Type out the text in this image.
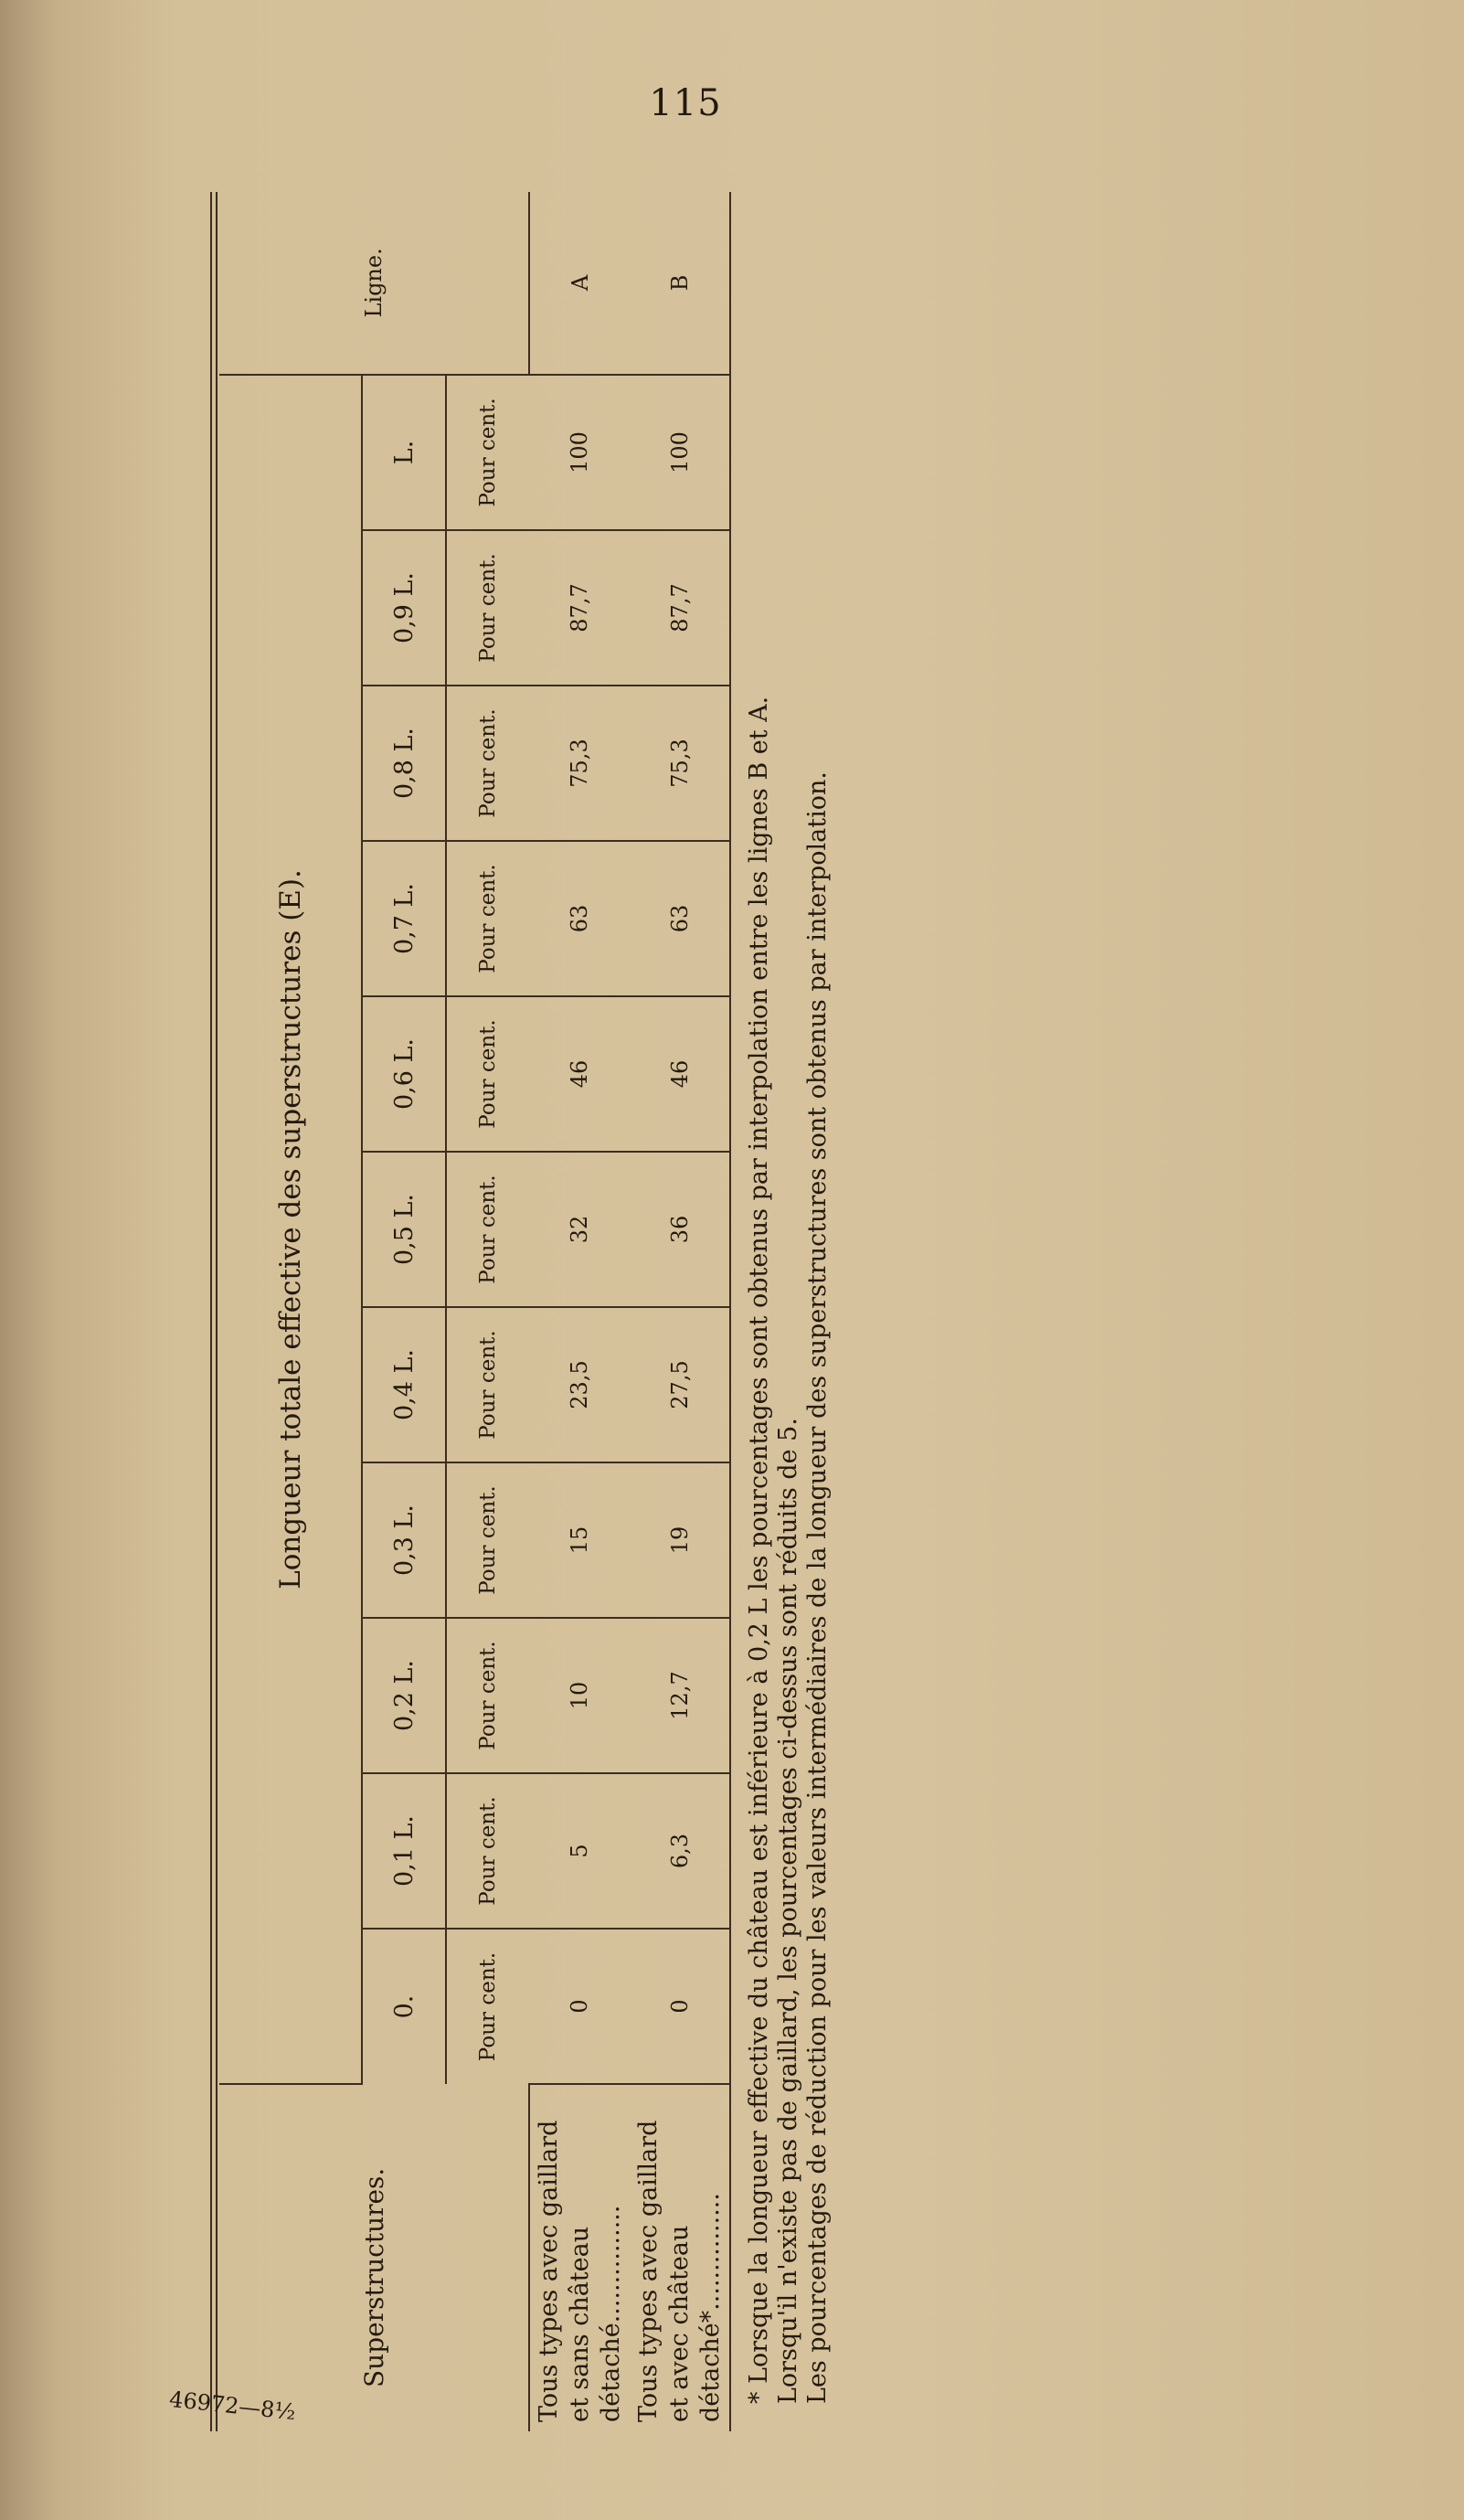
115
Superstructures.	Longueur totale effective des superstructures (E).											Ligne.
	0.	0,1 L.	0,2 L.	0,3 L.	0,4 L.	0,5 L.	0,6 L.	0,7 L.	0,8 L.	0,9 L.	L.	
	Pour cent.	Pour cent.	Pour cent.	Pour cent.	Pour cent.	Pour cent.	Pour cent.	Pour cent.	Pour cent.	Pour cent.	Pour cent.	

Tous types avec gaillard et sans château détaché...............	0	5	10	15	23,5	32	46	63	75,3	87,7	100	A

Tous types avec gaillard et avec château détaché*...............	0	6,3	12,7	19	27,5	36	46	63	75,3	87,7	100	B
* Lorsque la longueur effective du château est inférieure à 0,2 L les pourcentages sont obtenus par interpolation entre les lignes B et A. Lorsqu'il n'existe pas de gaillard, les pourcentages ci-dessus sont réduits de 5. Les pourcentages de réduction pour les valeurs intermédiaires de la longueur des superstructures sont obtenus par interpolation.
46972—8½
